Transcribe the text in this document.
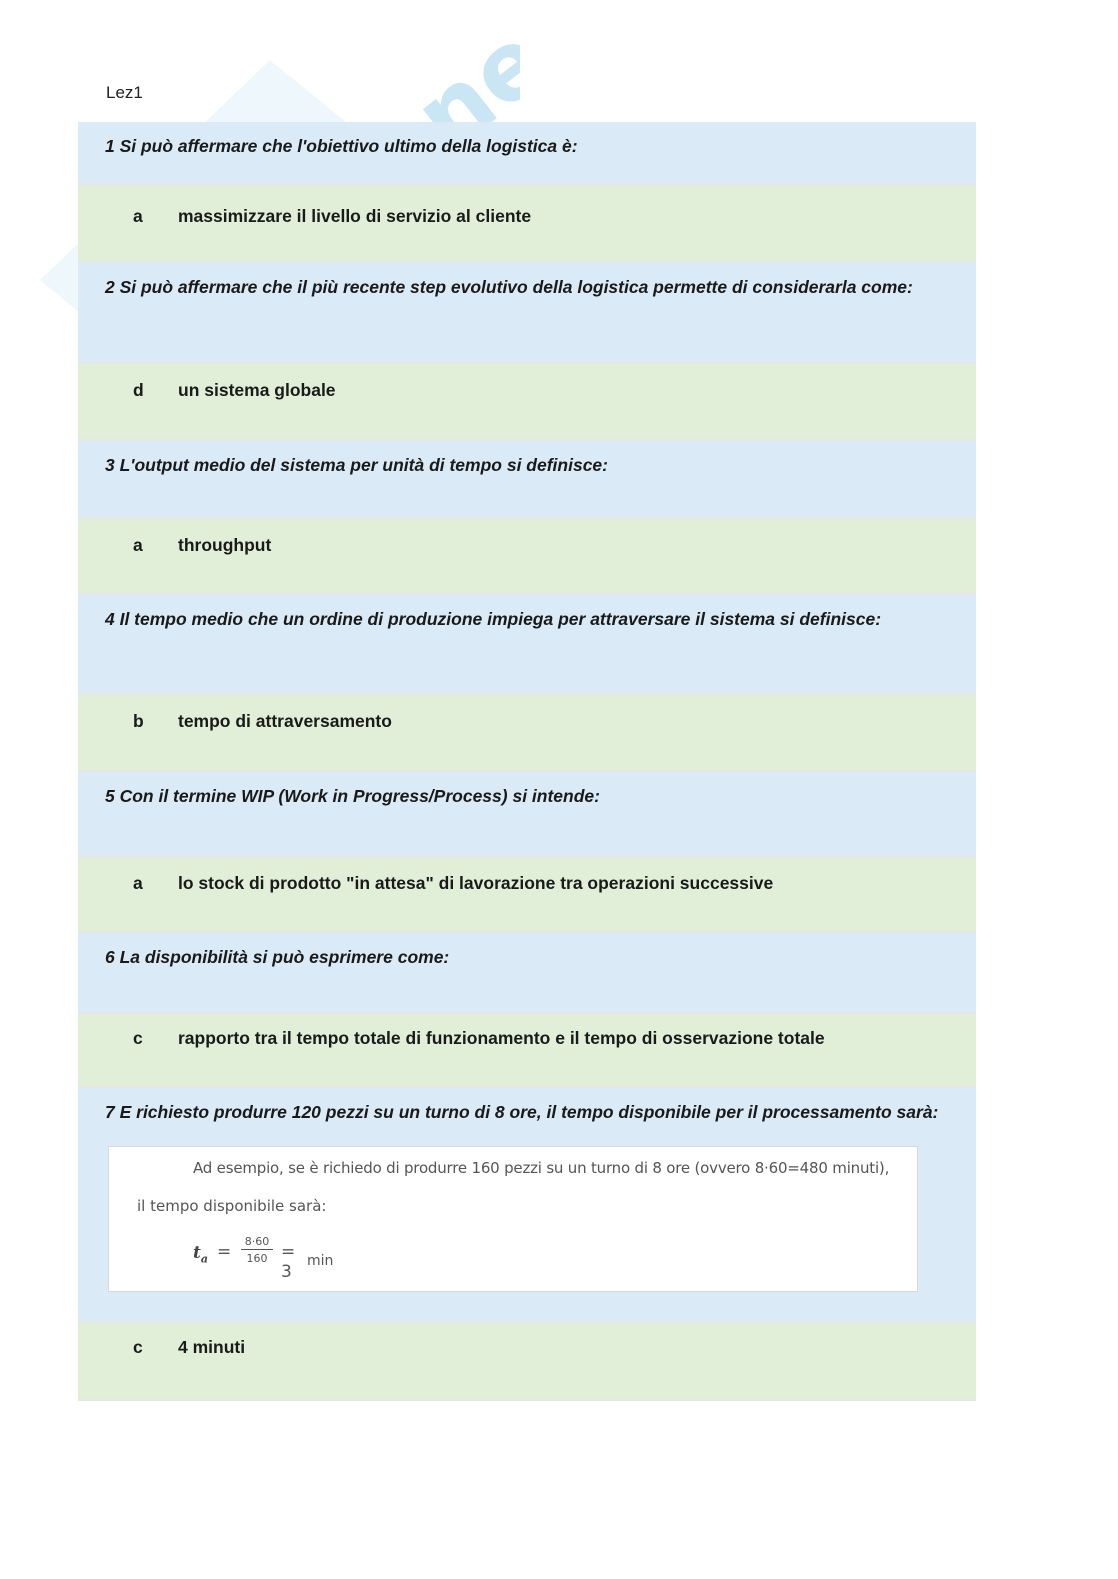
Lez1
1 Si può affermare che l'obiettivo ultimo della logistica è:
a massimizzare il livello di servizio al cliente
2 Si può affermare che il più recente step evolutivo della logistica permette di considerarla come:
d un sistema globale
3 L'output medio del sistema per unità di tempo si definisce:
a throughput
4 Il tempo medio che un ordine di produzione impiega per attraversare il sistema si definisce:
b tempo di attraversamento
5 Con il termine WIP (Work in Progress/Process) si intende:
a lo stock di prodotto "in attesa" di lavorazione tra operazioni successive
6 La disponibilità si può esprimere come:
c rapporto tra il tempo totale di funzionamento e il tempo di osservazione totale
7 E richiesto produrre 120 pezzi su un turno di 8 ore, il tempo disponibile per il processamento sarà:
Ad esempio, se è richiedo di produrre 160 pezzi su un turno di 8 ore (ovvero 8·60=480 minuti),
il tempo disponibile sarà:
$t_a = \frac{8\cdot 60}{160} = 3$
min
c 4 minuti
